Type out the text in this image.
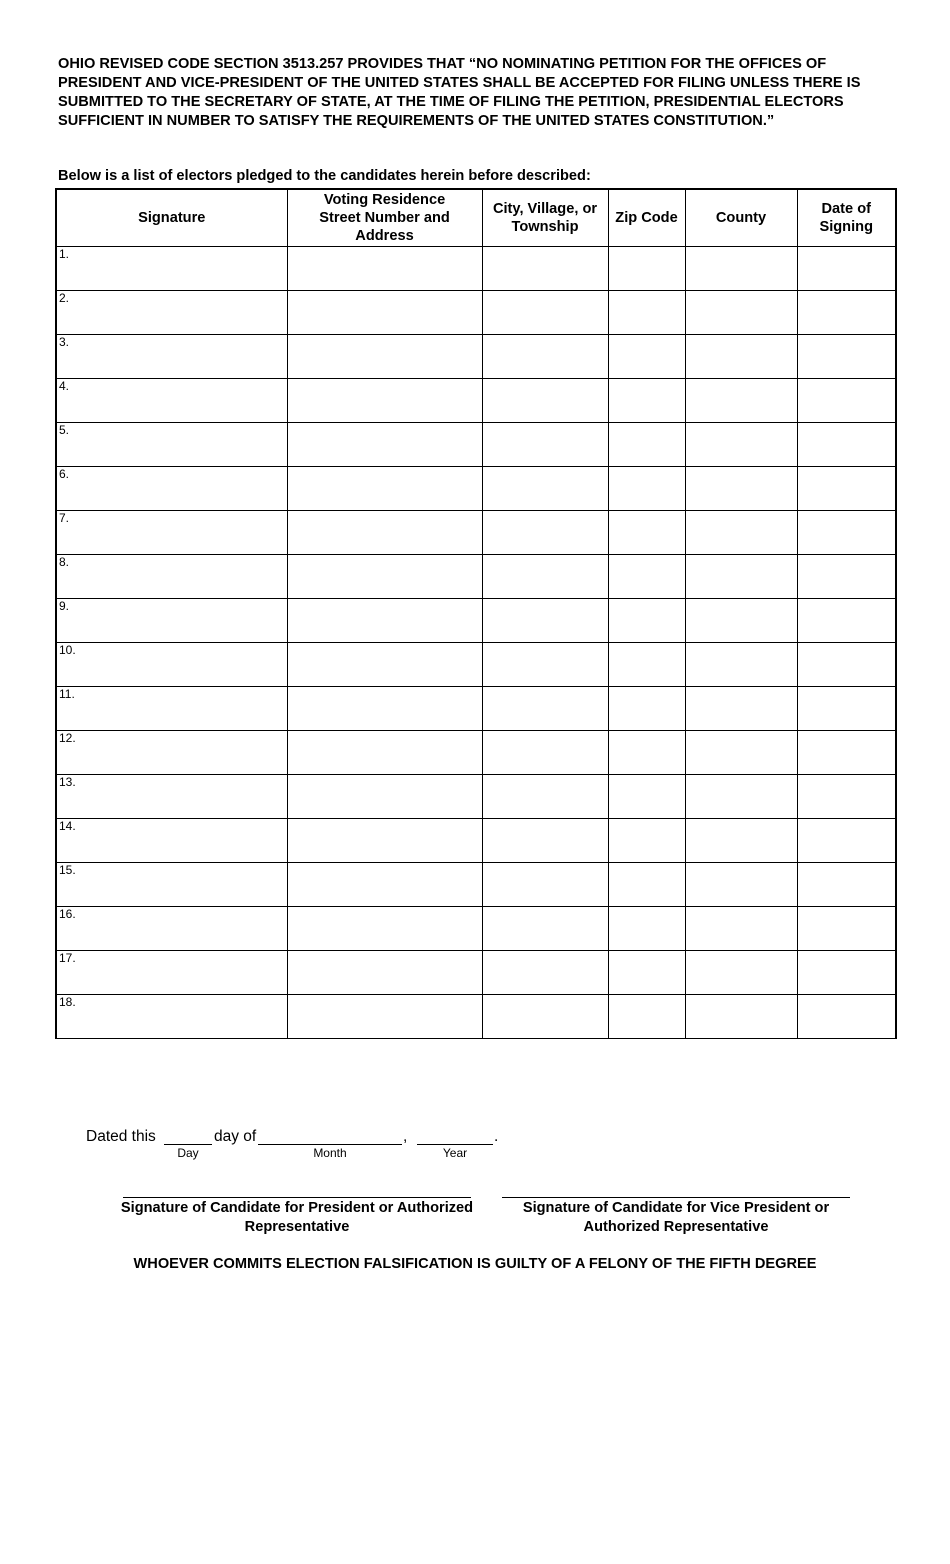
OHIO REVISED CODE SECTION 3513.257 PROVIDES THAT “NO NOMINATING PETITION FOR THE OFFICES OF PRESIDENT AND VICE-PRESIDENT OF THE UNITED STATES SHALL BE ACCEPTED FOR FILING UNLESS THERE IS SUBMITTED TO THE SECRETARY OF STATE, AT THE TIME OF FILING THE PETITION, PRESIDENTIAL ELECTORS SUFFICIENT IN NUMBER TO SATISFY THE REQUIREMENTS OF THE UNITED STATES CONSTITUTION.”
Below is a list of electors pledged to the candidates herein before described:
Signature	Voting Residence Street Number and Address	City, Village, or Township	Zip Code	County	Date of Signing
1.					
2.					
3.					
4.					
5.					
6.					
7.					
8.					
9.					
10.					
11.					
12.					
13.					
14.					
15.					
16.					
17.					
18.					
Dated this	day of	,	.
Day	Month	Year
Signature of Candidate for President or Authorized Representative
Signature of Candidate for Vice President or Authorized Representative
WHOEVER COMMITS ELECTION FALSIFICATION IS GUILTY OF A FELONY OF THE FIFTH DEGREE
